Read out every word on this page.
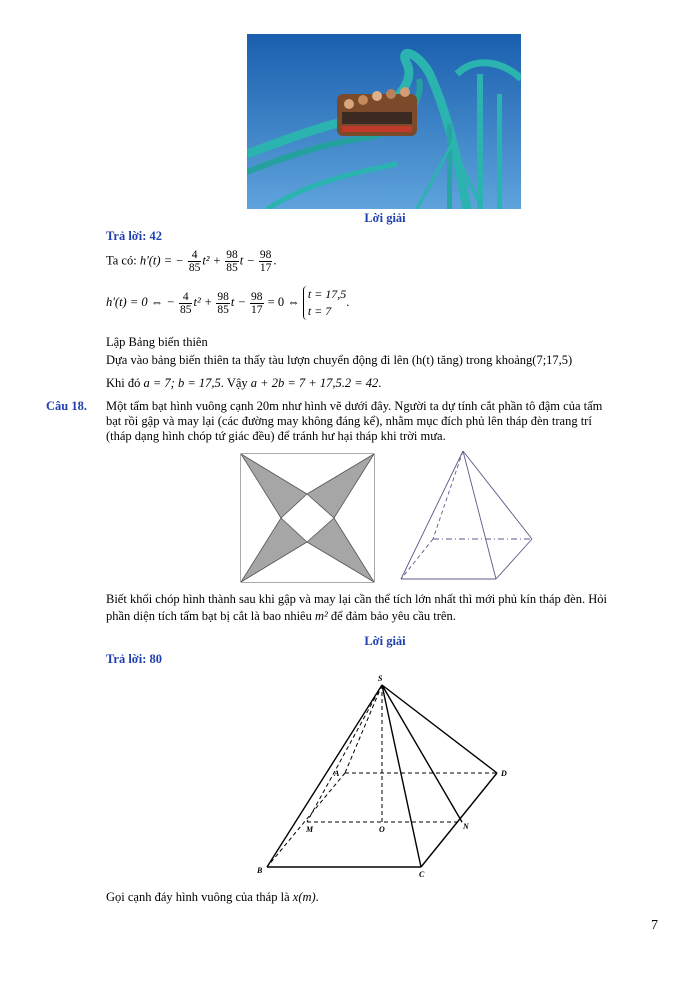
Lời giải
Trả lời: 42
Ta có: h'(t) = − $\frac{4}{85} t^2 + \frac{98}{85}$ $t - \frac{98}{17}$ .
h'(t) = 0 ⇔ − $\frac{4}{85} t^2 + \frac{98}{85}$ $t - \frac{98}{17} = 0$ ⇔ t = 17,5
t = 7.
Lập Bảng biến thiên
Dựa vào bảng biến thiên ta thấy tàu lượn chuyển động đi lên (h(t) tăng) trong khoảng(7;17,5)
Khi đó a = 7; b = 17,5. Vậy a + 2b = 7 + 17,5.2 = 42.
Câu 18. Một tấm bạt hình vuông cạnh 20m như hình vẽ dưới đây. Người ta dự tính cắt phần tô đậm của tấm
bạt rồi gập và may lại (các đường may không đáng kể), nhằm mục đích phủ lên tháp đèn trang trí
(tháp dạng hình chóp tứ giác đều) để tránh hư hại tháp khi trời mưa.
Biết khối chóp hình thành sau khi gập và may lại cần thể tích lớn nhất thì mới phủ kín tháp đèn. Hỏi
phần diện tích tấm bạt bị cắt là bao nhiêu m² để đảm bảo yêu cầu trên.
Lời giải
Trả lời: 80
S
A	D
M	O	N
B	C
Gọi cạnh đáy hình vuông của tháp là x(m).
7
